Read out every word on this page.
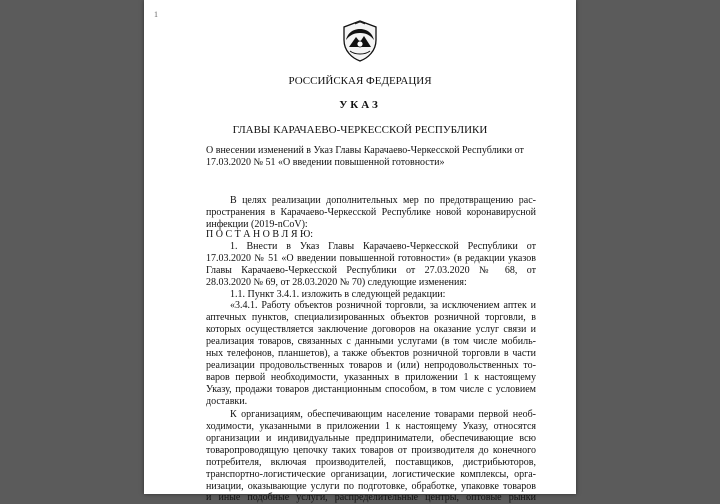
1
РОССИЙСКАЯ ФЕДЕРАЦИЯ
УКАЗ
ГЛАВЫ КАРАЧАЕВО-ЧЕРКЕССКОЙ РЕСПУБЛИКИ
О внесении изменений в Указ Главы Карачаево-Черкесской Республики от
17.03.2020 № 51 «О введении повышенной готовности»
В целях реализации дополнительных мер по предотвращению рас-
пространения в Карачаево-Черкесской Республике новой коронавирусной
инфекции (2019-nCoV):
П О С Т А Н О В Л Я Ю:
1. Внести в Указ Главы Карачаево-Черкесской Республики от
17.03.2020 № 51 «О введении повышенной готовности» (в редакции указов
Главы Карачаево-Черкесской Республики от 27.03.2020 № 68, от
28.03.2020 № 69, от 28.03.2020 № 70) следующие изменения:
1.1. Пункт 3.4.1. изложить в следующей редакции:
«3.4.1. Работу объектов розничной торговли, за исключением аптек и
аптечных пунктов, специализированных объектов розничной торговли, в
которых осуществляется заключение договоров на оказание услуг связи и
реализация товаров, связанных с данными услугами (в том числе мобиль-
ных телефонов, планшетов), а также объектов розничной торговли в части
реализации продовольственных товаров и (или) непродовольственных то-
варов первой необходимости, указанных в приложении 1 к настоящему
Указу, продажи товаров дистанционным способом, в том числе с условием
доставки.
К организациям, обеспечивающим население товарами первой необ-
ходимости, указанными в приложении 1 к настоящему Указу, относятся
организации и индивидуальные предприниматели, обеспечивающие всю
товаропроводящую цепочку таких товаров от производителя до конечного
потребителя, включая производителей, поставщиков, дистрибьюторов,
транспортно-логистические организации, логистические комплексы, орга-
низации, оказывающие услуги по подготовке, обработке, упаковке товаров
и иные подобные услуги, распределительные центры, оптовые рынки
